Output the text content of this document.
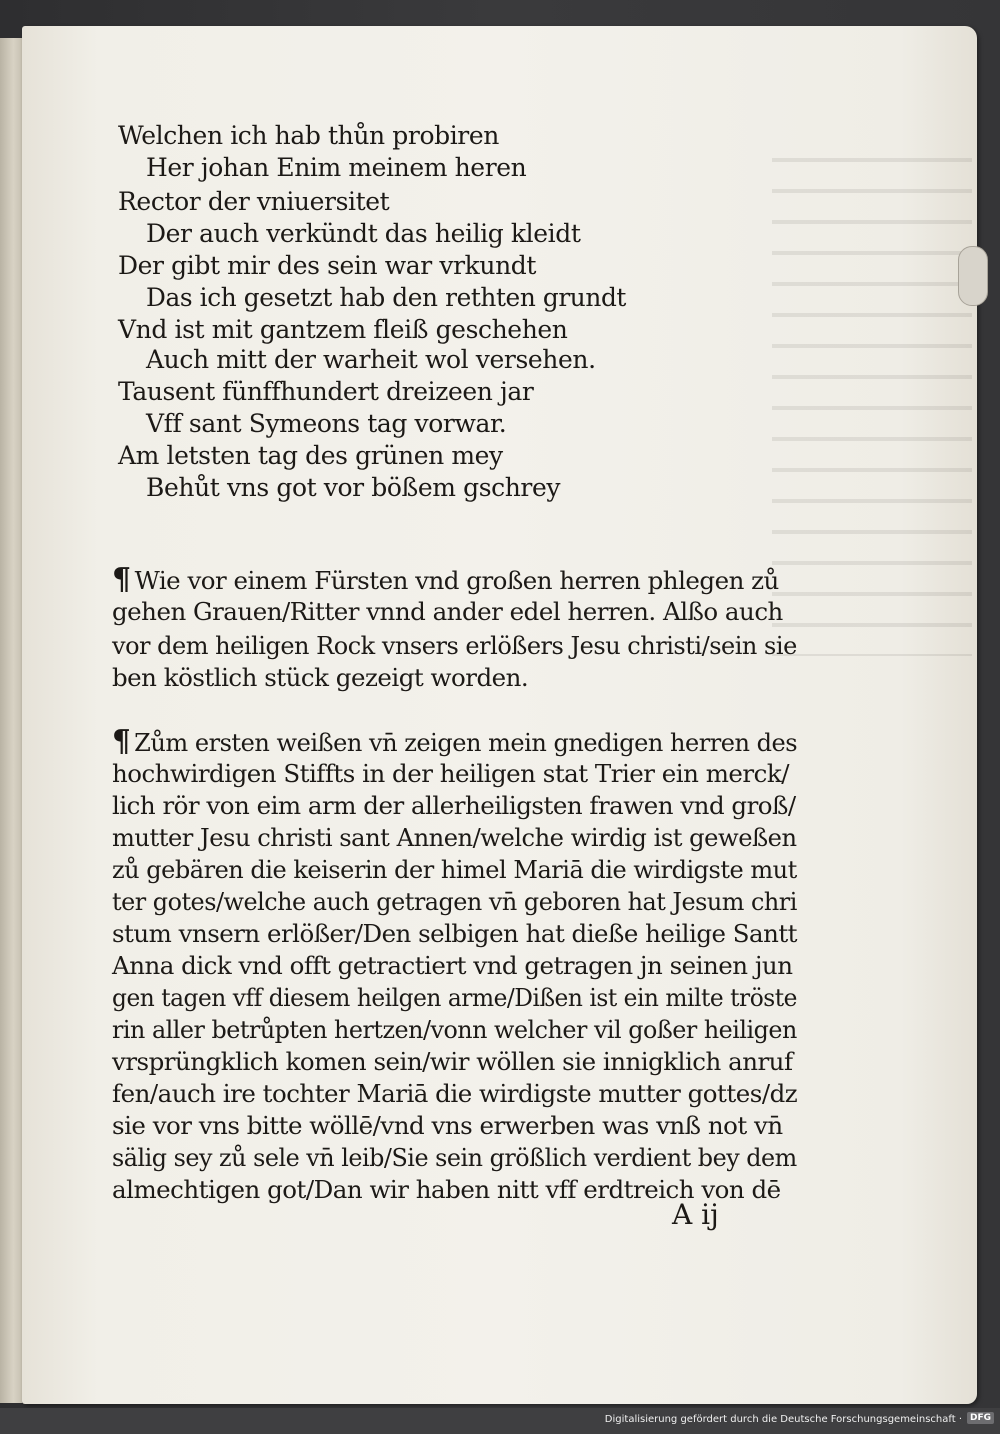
Welchen ich hab thůn probiren
Her johan Enim meinem heren
Rector der vniuersitet
Der auch verkündt das heilig kleidt
Der gibt mir des sein war vrkundt
Das ich gesetzt hab den rethten grundt
Vnd ist mit gantzem fleiß geschehen
Auch mitt der warheit wol versehen.
Tausent fünffhundert dreizeen jar
Vff sant Symeons tag vorwar.
Am letsten tag des grünen mey
Behůt vns got vor bößem gschrey
¶ Wie vor einem Fürsten vnd großen herren phlegen zů
gehen Grauen/Ritter vnnd ander edel herren. Alßo auch
vor dem heiligen Rock vnsers erlößers Jesu christi/sein sie
ben köstlich stück gezeigt worden.
¶ Zům ersten weißen vn̄ zeigen mein gnedigen herren des
hochwirdigen Stiffts in der heiligen stat Trier ein merck/
lich rör von eim arm der allerheiligsten frawen vnd groß/
mutter Jesu christi sant Annen/welche wirdig ist geweßen
zů gebären die keiserin der himel Mariā die wirdigste mut
ter gotes/welche auch getragen vn̄ geboren hat Jesum chri
stum vnsern erlößer/Den selbigen hat dieße heilige Santt
Anna dick vnd offt getractiert vnd getragen jn seinen jun
gen tagen vff diesem heilgen arme/Dißen ist ein milte tröste
rin aller betrůpten hertzen/vonn welcher vil goßer heiligen
vrsprüngklich komen sein/wir wöllen sie innigklich anruf
fen/auch ire tochter Mariā die wirdigste mutter gottes/dz
sie vor vns bitte wöllē/vnd vns erwerben was vnß not vn̄
sälig sey zů sele vn̄ leib/Sie sein größlich verdient bey dem
almechtigen got/Dan wir haben nitt vff erdtreich von dē
A ij
Digitalisierung gefördert durch die Deutsche Forschungsgemeinschaft · DFG
